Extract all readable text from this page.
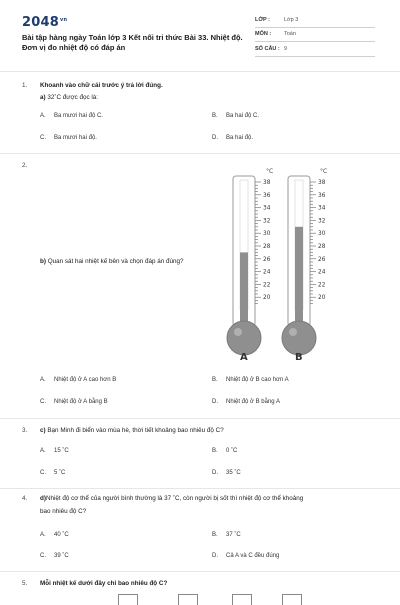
$2048^{vn}$
Bài tập hàng ngày Toán lớp 3 Kết nối tri thức Bài 33. Nhiệt độ. Đơn vị đo nhiệt độ có đáp án
LỚP :	Lớp 3
MÔN : Toán
SỐ CÂU : 9
1. Khoanh vào chữ cái trước ý trả lời đúng.
a) 32˚C được đọc là:
A. Ba mươi hai độ C.	B. Ba hai độ C.
C. Ba mươi hai độ.	D. Ba hai độ.
2.
b) Quan sát hai nhiệt kế bên và chọn đáp án đúng?
°C
38
36
34
32
30
28
26
24
22
20
A
°C
38
36
34
32
30
28
26
24
22
20
B
A. Nhiệt độ ở A cao hơn B	B. Nhiệt độ ở B cao hơn A
C. Nhiệt độ ở A bằng B	D. Nhiệt độ ở B bằng A
3. c) Bạn Minh đi biển vào mùa hè, thời tiết khoảng bao nhiêu độ C?
A. 15 ˚C	B. 0 ˚C
C. 5 ˚C	D. 35 ˚C
4. d)Nhiệt độ cơ thể của người bình thường là 37 ˚C, còn người bị sốt thì nhiệt độ cơ thể khoảng
bao nhiêu độ C?
A. 40 ˚C	B. 37 ˚C
C. 39 ˚C	D. Cả A và C đều đúng
5. Mỗi nhiệt kế dưới đây chỉ bao nhiêu độ C?
